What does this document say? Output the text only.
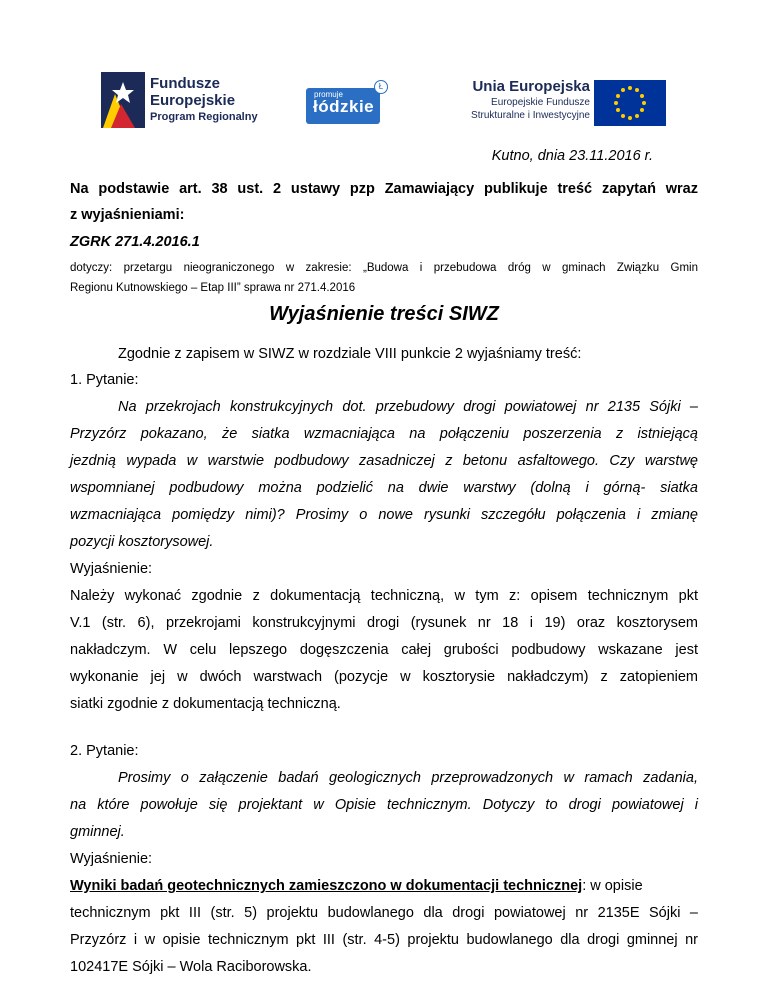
Fundusze
Europejskie
Program Regionalny
promuje
łódzkie
Ł	Unia Europejska
Europejskie Fundusze
Strukturalne i Inwestycyjne
Kutno, dnia 23.11.2016 r.
Na podstawie art. 38 ust. 2 ustawy pzp Zamawiający publikuje treść zapytań wraz
z wyjaśnieniami:
ZGRK 271.4.2016.1
dotyczy: przetargu nieograniczonego w zakresie: „Budowa i przebudowa dróg w gminach Związku Gmin
Regionu Kutnowskiego – Etap III” sprawa nr 271.4.2016
Wyjaśnienie treści SIWZ
Zgodnie z zapisem w SIWZ w rozdziale VIII punkcie 2 wyjaśniamy treść:
1. Pytanie:
Na przekrojach konstrukcyjnych dot. przebudowy drogi powiatowej nr 2135 Sójki –
Przyzórz pokazano, że siatka wzmacniająca na połączeniu poszerzenia z istniejącą
jezdnią wypada w warstwie podbudowy zasadniczej z betonu asfaltowego. Czy warstwę
wspomnianej podbudowy można podzielić na dwie warstwy (dolną i górną- siatka
wzmacniająca pomiędzy nimi)? Prosimy o nowe rysunki szczegółu połączenia i zmianę
pozycji kosztorysowej.
Wyjaśnienie:
Należy wykonać zgodnie z dokumentacją techniczną, w tym z: opisem technicznym pkt
V.1 (str. 6), przekrojami konstrukcyjnymi drogi (rysunek nr 18 i 19) oraz kosztorysem
nakładczym. W celu lepszego dogęszczenia całej grubości podbudowy wskazane jest
wykonanie jej w dwóch warstwach (pozycje w kosztorysie nakładczym) z zatopieniem
siatki zgodnie z dokumentacją techniczną.
2. Pytanie:
Prosimy o załączenie badań geologicznych przeprowadzonych w ramach zadania,
na które powołuje się projektant w Opisie technicznym. Dotyczy to drogi powiatowej i
gminnej.
Wyjaśnienie:
Wyniki badań geotechnicznych zamieszczono w dokumentacji technicznej: w opisie
technicznym pkt III (str. 5) projektu budowlanego dla drogi powiatowej nr 2135E Sójki –
Przyzórz i w opisie technicznym pkt III (str. 4-5) projektu budowlanego dla drogi gminnej nr
102417E Sójki – Wola Raciborowska.
